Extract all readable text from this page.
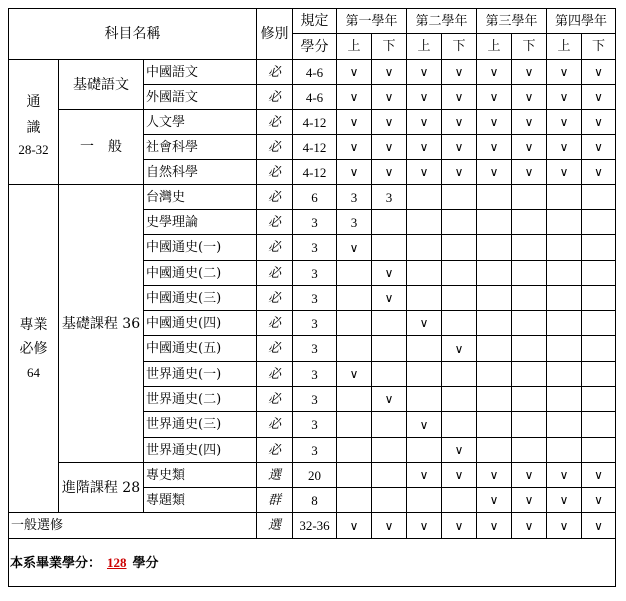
科目名稱			修別	規定	第一學年		第二學年		第三學年		第四學年	
				學分	上	下	上	下	上	下	上	下

通識
28-32	基礎語文	中國語文	必	4-6	∨	∨	∨	∨	∨	∨	∨	∨
		外國語文	必	4-6	∨	∨	∨	∨	∨	∨	∨	∨
	一　般	人文學	必	4-12	∨	∨	∨	∨	∨	∨	∨	∨
		社會科學	必	4-12	∨	∨	∨	∨	∨	∨	∨	∨
		自然科學	必	4-12	∨	∨	∨	∨	∨	∨	∨	∨

專業
必修
64	基礎課程 36	台灣史	必	6	3	3						
		史學理論	必	3	3							
		中國通史(一)	必	3	∨							
		中國通史(二)	必	3		∨						
		中國通史(三)	必	3		∨						
		中國通史(四)	必	3			∨					
		中國通史(五)	必	3				∨				
		世界通史(一)	必	3	∨							
		世界通史(二)	必	3		∨						
		世界通史(三)	必	3			∨					
		世界通史(四)	必	3				∨				
	進階課程 28	專史類	選	20			∨	∨	∨	∨	∨	∨
		專題類	群	8					∨	∨	∨	∨
一般選修			選	32-36	∨	∨	∨	∨	∨	∨	∨	∨
本系畢業學分： 128 學分												
